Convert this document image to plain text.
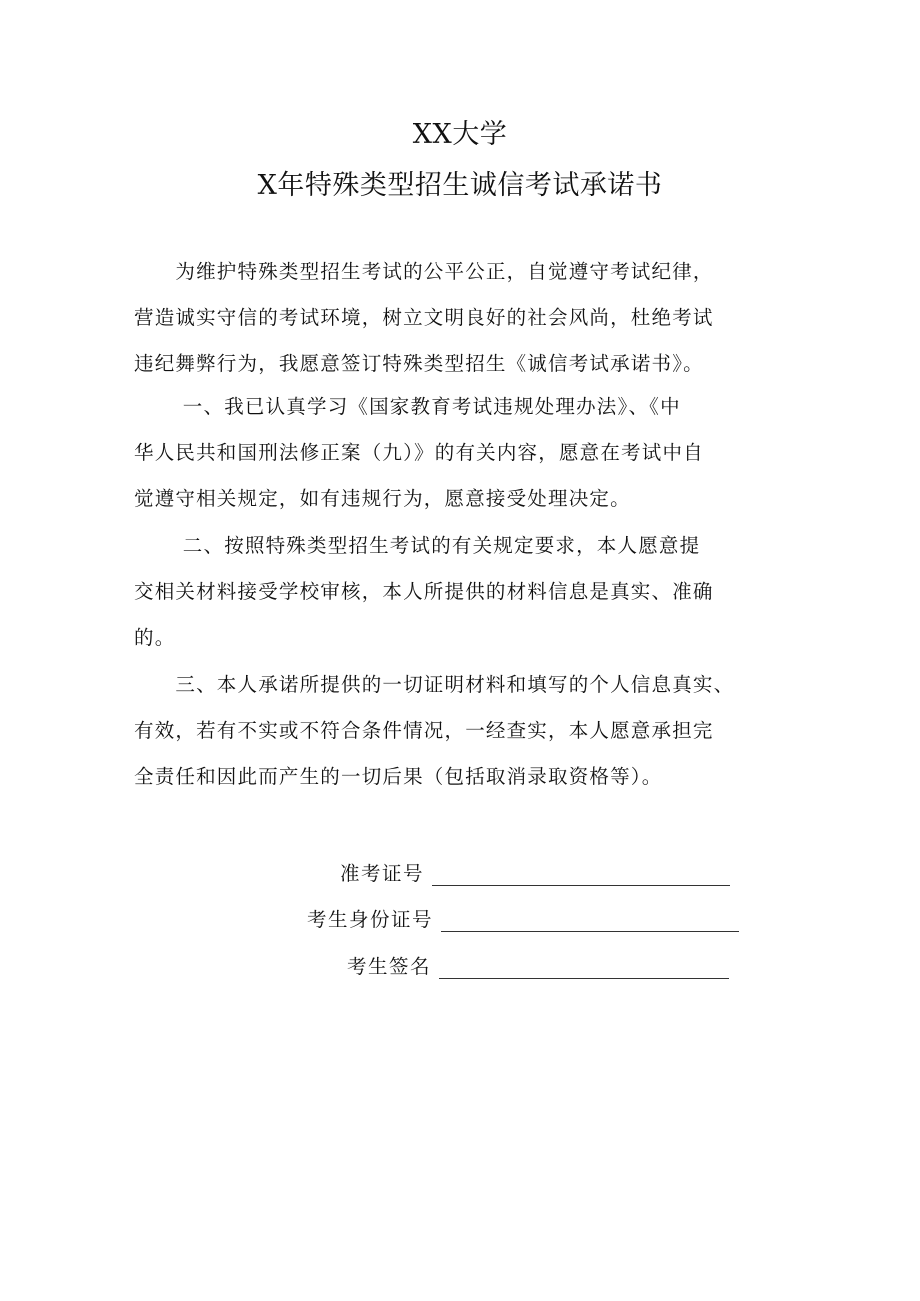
XX大学
X年特殊类型招生诚信考试承诺书
　　为维护特殊类型招生考试的公平公正，自觉遵守考试纪律，
营造诚实守信的考试环境，树立文明良好的社会风尚，杜绝考试
违纪舞弊行为，我愿意签订特殊类型招生《诚信考试承诺书》。
　　 一、我已认真学习《国家教育考试违规处理办法》、《中
华人民共和国刑法修正案（九）》的有关内容，愿意在考试中自
觉遵守相关规定，如有违规行为，愿意接受处理决定。
　　 二、按照特殊类型招生考试的有关规定要求，本人愿意提
交相关材料接受学校审核，本人所提供的材料信息是真实、准确
的。
　　三、本人承诺所提供的一切证明材料和填写的个人信息真实、
有效，若有不实或不符合条件情况，一经查实，本人愿意承担完
全责任和因此而产生的一切后果（包括取消录取资格等）。
准考证号
考生身份证号
考生签名
